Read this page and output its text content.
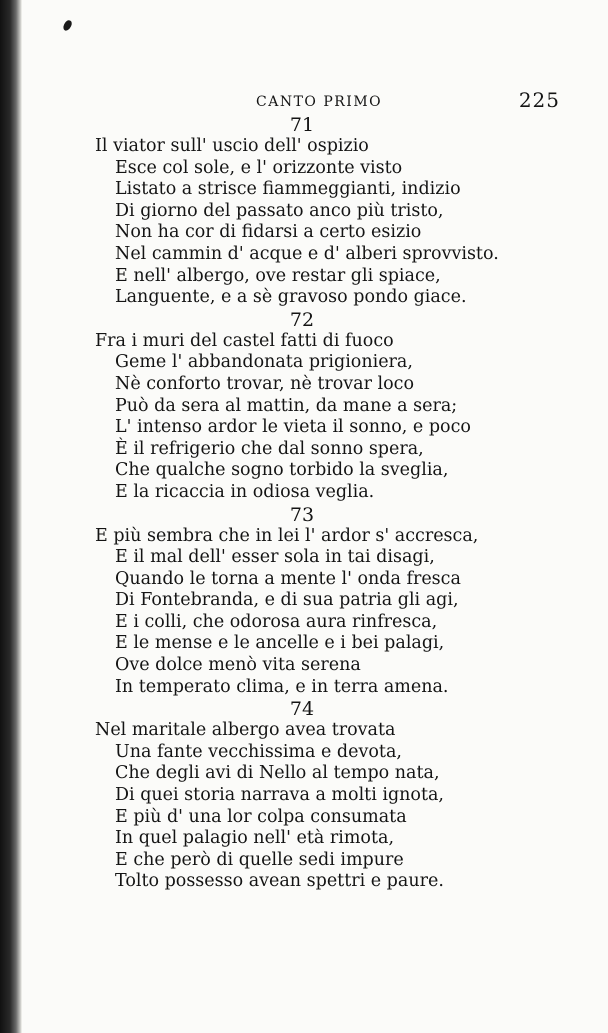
CANTO PRIMO	225
71
Il viator sull' uscio dell' ospizio
Esce col sole, e l' orizzonte visto
Listato a strisce fiammeggianti, indizio
Di giorno del passato anco più tristo,
Non ha cor di fidarsi a certo esizio
Nel cammin d' acque e d' alberi sprovvisto.
E nell' albergo, ove restar gli spiace,
Languente, e a sè gravoso pondo giace.
72
Fra i muri del castel fatti di fuoco
Geme l' abbandonata prigioniera,
Nè conforto trovar, nè trovar loco
Può da sera al mattin, da mane a sera;
L' intenso ardor le vieta il sonno, e poco
È il refrigerio che dal sonno spera,
Che qualche sogno torbido la sveglia,
E la ricaccia in odiosa veglia.
73
E più sembra che in lei l' ardor s' accresca,
E il mal dell' esser sola in tai disagi,
Quando le torna a mente l' onda fresca
Di Fontebranda, e di sua patria gli agi,
E i colli, che odorosa aura rinfresca,
E le mense e le ancelle e i bei palagi,
Ove dolce menò vita serena
In temperato clima, e in terra amena.
74
Nel maritale albergo avea trovata
Una fante vecchissima e devota,
Che degli avi di Nello al tempo nata,
Di quei storia narrava a molti ignota,
E più d' una lor colpa consumata
In quel palagio nell' età rimota,
E che però di quelle sedi impure
Tolto possesso avean spettri e paure.
